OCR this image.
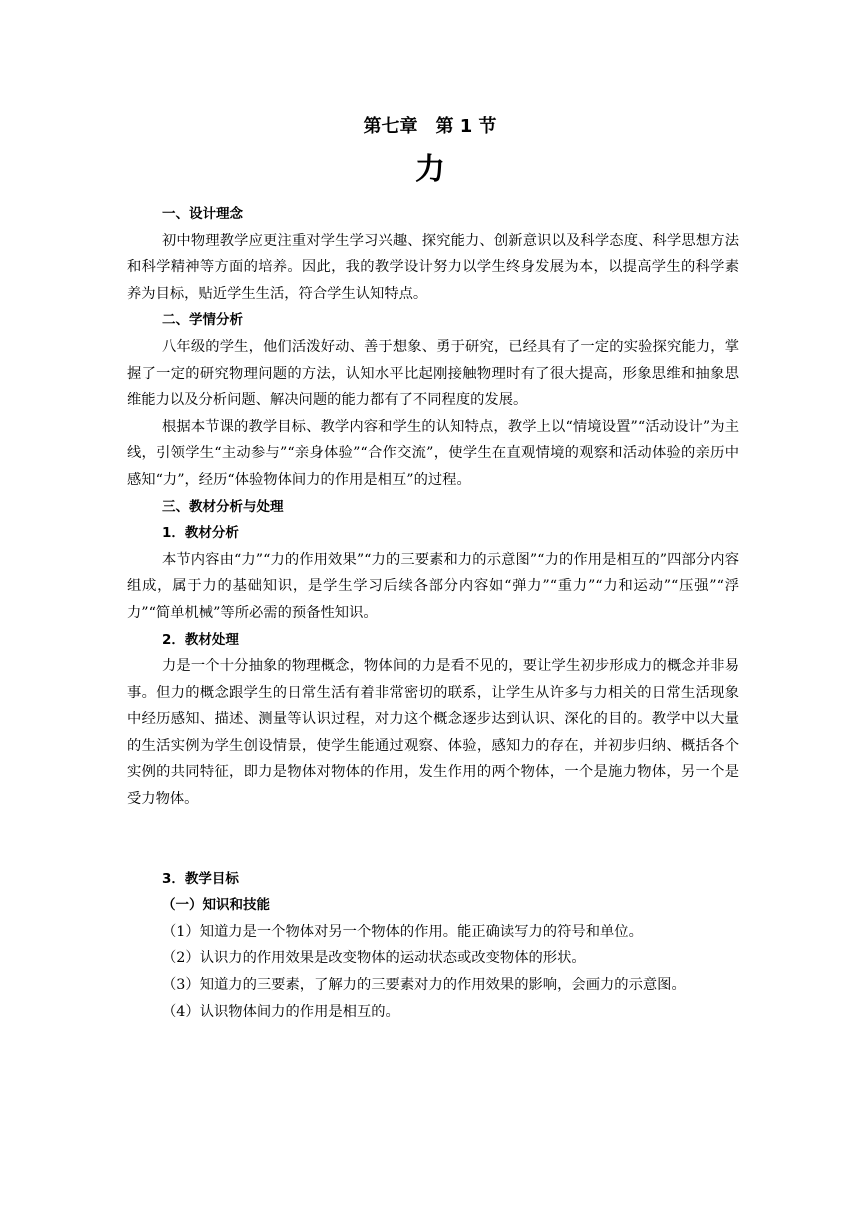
第七章　第 1 节
力

一、设计理念

初中物理教学应更注重对学生学习兴趣、探究能力、创新意识以及科学态度、科学思想方法和科学精神等方面的培养。因此，我的教学设计努力以学生终身发展为本，以提高学生的科学素养为目标，贴近学生生活，符合学生认知特点。

二、学情分析

八年级的学生，他们活泼好动、善于想象、勇于研究，已经具有了一定的实验探究能力，掌握了一定的研究物理问题的方法，认知水平比起刚接触物理时有了很大提高，形象思维和抽象思维能力以及分析问题、解决问题的能力都有了不同程度的发展。

根据本节课的教学目标、教学内容和学生的认知特点，教学上以“情境设置”“活动设计”为主线，引领学生“主动参与”“亲身体验”“合作交流”，使学生在直观情境的观察和活动体验的亲历中感知“力”，经历“体验物体间力的作用是相互”的过程。

三、教材分析与处理

1．教材分析

本节内容由“力”“力的作用效果”“力的三要素和力的示意图”“力的作用是相互的”四部分内容组成，属于力的基础知识，是学生学习后续各部分内容如“弹力”“重力”“力和运动”“压强”“浮力”“简单机械”等所必需的预备性知识。

2．教材处理

力是一个十分抽象的物理概念，物体间的力是看不见的，要让学生初步形成力的概念并非易事。但力的概念跟学生的日常生活有着非常密切的联系，让学生从许多与力相关的日常生活现象中经历感知、描述、测量等认识过程，对力这个概念逐步达到认识、深化的目的。教学中以大量的生活实例为学生创设情景，使学生能通过观察、体验，感知力的存在，并初步归纳、概括各个实例的共同特征，即力是物体对物体的作用，发生作用的两个物体，一个是施力物体，另一个是受力物体。

3．教学目标

（一）知识和技能

（1）知道力是一个物体对另一个物体的作用。能正确读写力的符号和单位。

（2）认识力的作用效果是改变物体的运动状态或改变物体的形状。

（3）知道力的三要素，了解力的三要素对力的作用效果的影响，会画力的示意图。

（4）认识物体间力的作用是相互的。
